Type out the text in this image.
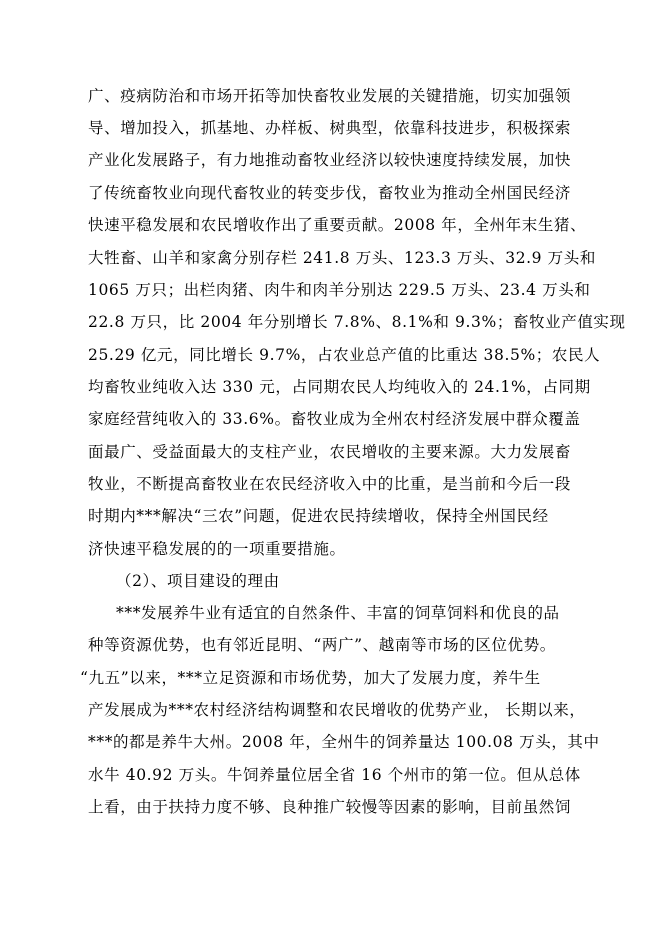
广、疫病防治和市场开拓等加快畜牧业发展的关键措施，切实加强领
导、增加投入，抓基地、办样板、树典型，依靠科技进步，积极探索
产业化发展路子，有力地推动畜牧业经济以较快速度持续发展，加快
了传统畜牧业向现代畜牧业的转变步伐，畜牧业为推动全州国民经济
快速平稳发展和农民增收作出了重要贡献。2008 年，全州年末生猪、
大牲畜、山羊和家禽分别存栏 241.8 万头、123.3 万头、32.9 万头和
1065 万只；出栏肉猪、肉牛和肉羊分别达 229.5 万头、23.4 万头和
22.8 万只，比 2004 年分别增长 7.8%、8.1%和 9.3%；畜牧业产值实现
25.29 亿元，同比增长 9.7%，占农业总产值的比重达 38.5%；农民人
均畜牧业纯收入达 330 元，占同期农民人均纯收入的 24.1%，占同期
家庭经营纯收入的 33.6%。畜牧业成为全州农村经济发展中群众覆盖
面最广、受益面最大的支柱产业，农民增收的主要来源。大力发展畜
牧业，不断提高畜牧业在农民经济收入中的比重，是当前和今后一段
时期内***解决“三农”问题，促进农民持续增收，保持全州国民经
济快速平稳发展的的一项重要措施。
（2）、项目建设的理由
***发展养牛业有适宜的自然条件、丰富的饲草饲料和优良的品
种等资源优势，也有邻近昆明、“两广”、越南等市场的区位优势。
“九五”以来，***立足资源和市场优势，加大了发展力度，养牛生
产发展成为***农村经济结构调整和农民增收的优势产业， 长期以来，
***的都是养牛大州。2008 年，全州牛的饲养量达 100.08 万头，其中
水牛 40.92 万头。牛饲养量位居全省 16 个州市的第一位。但从总体
上看，由于扶持力度不够、良种推广较慢等因素的影响，目前虽然饲
